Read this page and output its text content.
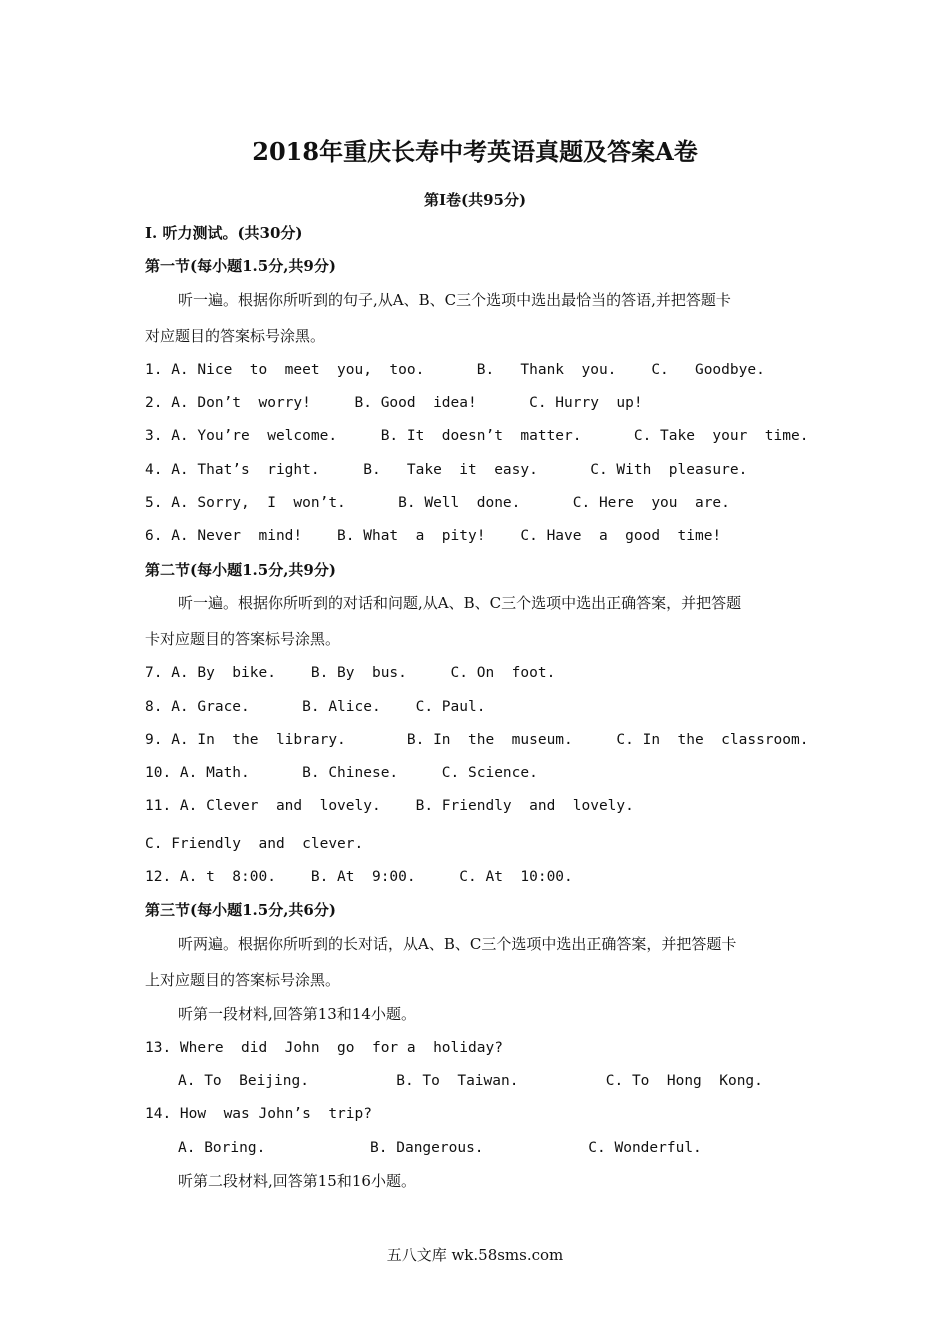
2018年重庆长寿中考英语真题及答案A卷
第Ⅰ卷(共95分)
Ⅰ. 听力测试。(共30分)
第一节(每小题1.5分,共9分)
听一遍。根据你所听到的句子,从A、B、C三个选项中选出最恰当的答语,并把答题卡
对应题目的答案标号涂黑。
1. A. Nice  to  meet  you,  too.      B.   Thank  you.    C.   Goodbye.
2. A. Don’t  worry!     B. Good  idea!      C. Hurry  up!
3. A. You’re  welcome.     B. It  doesn’t  matter.      C. Take  your  time.
4. A. That’s  right.     B.   Take  it  easy.      C. With  pleasure.
5. A. Sorry,  I  won’t.      B. Well  done.      C. Here  you  are.
6. A. Never  mind!    B. What  a  pity!    C. Have  a  good  time!
第二节(每小题1.5分,共9分)
听一遍。根据你所听到的对话和问题,从A、B、C三个选项中选出正确答案，并把答题
卡对应题目的答案标号涂黑。
7. A. By  bike.    B. By  bus.     C. On  foot.
8. A. Grace.      B. Alice.    C. Paul.
9. A. In  the  library.       B. In  the  museum.     C. In  the  classroom.
10. A. Math.      B. Chinese.     C. Science.
11. A. Clever  and  lovely.    B. Friendly  and  lovely.
C. Friendly  and  clever.
12. A. t  8:00.    B. At  9:00.     C. At  10:00.
第三节(每小题1.5分,共6分)
听两遍。根据你所听到的长对话，从A、B、C三个选项中选出正确答案，并把答题卡
上对应题目的答案标号涂黑。
听第一段材料,回答第13和14小题。
13. Where  did  John  go  for a  holiday?
A. To  Beijing.          B. To  Taiwan.          C. To  Hong  Kong.
14. How  was John’s  trip?
A. Boring.            B. Dangerous.            C. Wonderful.
听第二段材料,回答第15和16小题。
五八文库 wk.58sms.com
